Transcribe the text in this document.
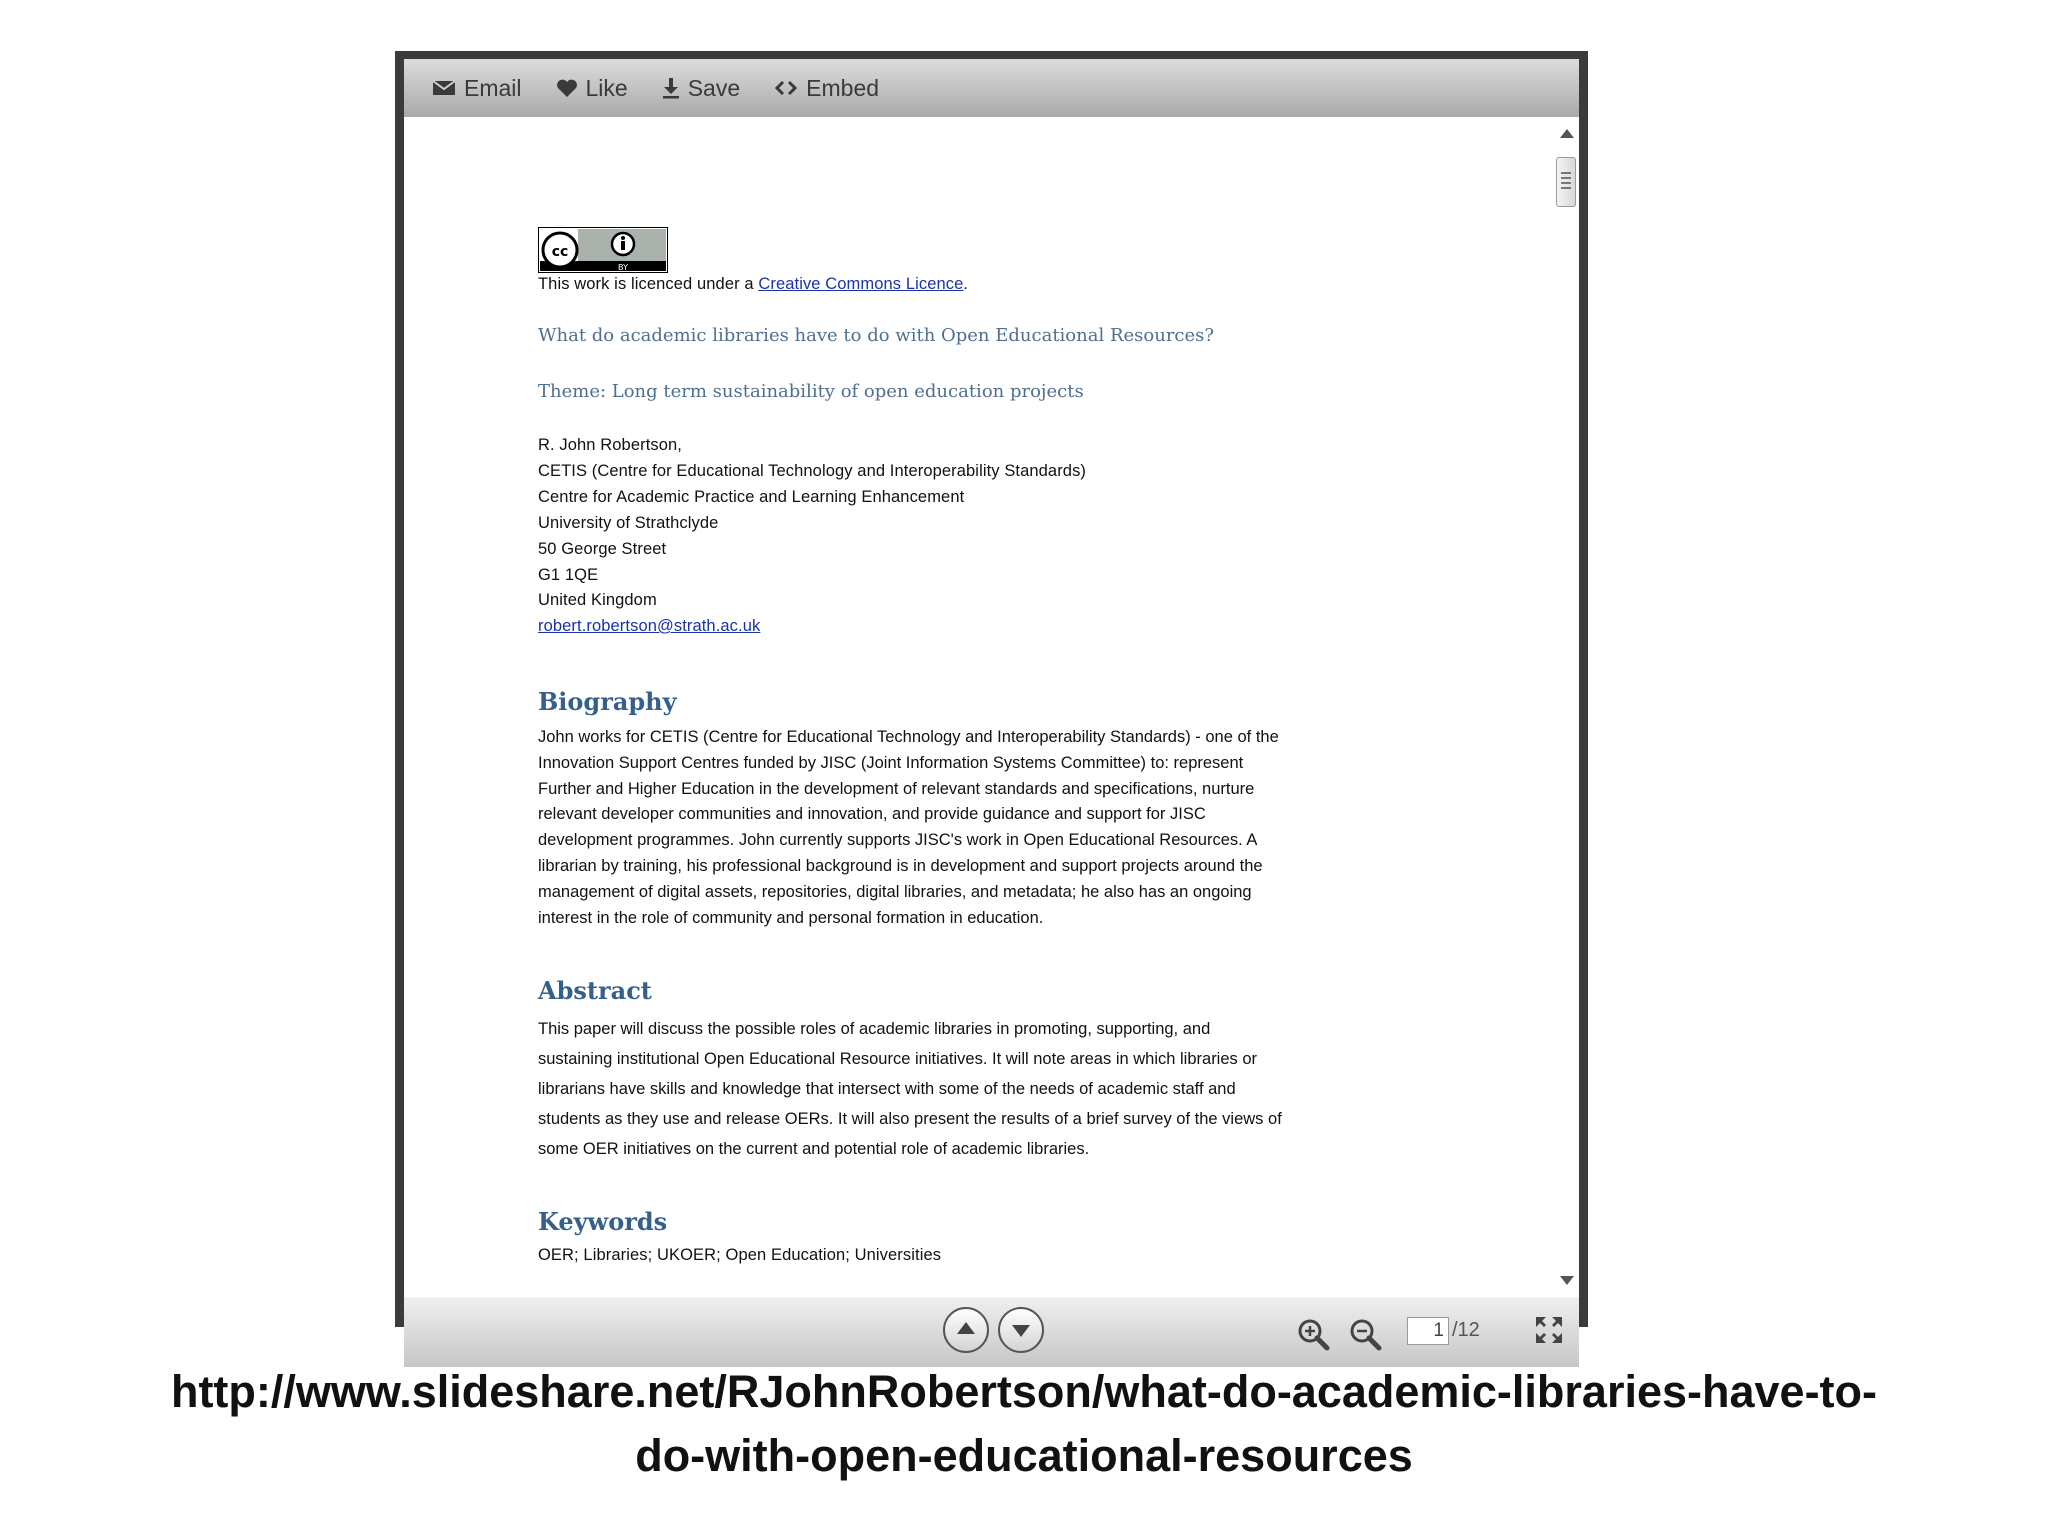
Email	Like	Save	Embed
cc
BY

This work is licenced under a Creative Commons Licence.

What do academic libraries have to do with Open Educational Resources?

Theme: Long term sustainability of open education projects

R. John Robertson,

CETIS (Centre for Educational Technology and Interoperability Standards)

Centre for Academic Practice and Learning Enhancement

University of Strathclyde

50 George Street

G1 1QE

United Kingdom

robert.robertson@strath.ac.uk

Biography

John works for CETIS (Centre for Educational Technology and Interoperability Standards) - one of the
Innovation Support Centres funded by JISC (Joint Information Systems Committee) to: represent
Further and Higher Education in the development of relevant standards and specifications, nurture
relevant developer communities and innovation, and provide guidance and support for JISC
development programmes. John currently supports JISC's work in Open Educational Resources. A
librarian by training, his professional background is in development and support projects around the
management of digital assets, repositories, digital libraries, and metadata; he also has an ongoing
interest in the role of community and personal formation in education.

Abstract

This paper will discuss the possible roles of academic libraries in promoting, supporting, and
sustaining institutional Open Educational Resource initiatives. It will note areas in which libraries or
librarians have skills and knowledge that intersect with some of the needs of academic staff and
students as they use and release OERs. It will also present the results of a brief survey of the views of
some OER initiatives on the current and potential role of academic libraries.

Keywords

OER; Libraries; UKOER; Open Education; Universities

1
/12
http://www.slideshare.net/RJohnRobertson/what-do-academic-libraries-have-to-
do-with-open-educational-resources
